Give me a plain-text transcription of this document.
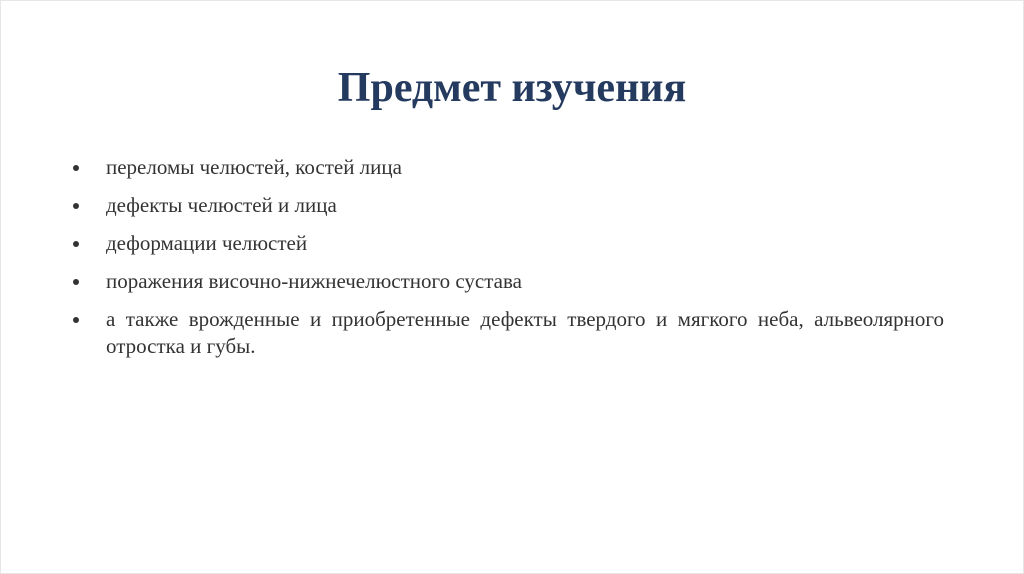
Предмет изучения
переломы челюстей, костей лица
дефекты челюстей и лица
деформации челюстей
поражения височно-нижнечелюстного сустава
а также врожденные и приобретенные дефекты твердого и мягкого неба, альвеолярного отростка и губы.
